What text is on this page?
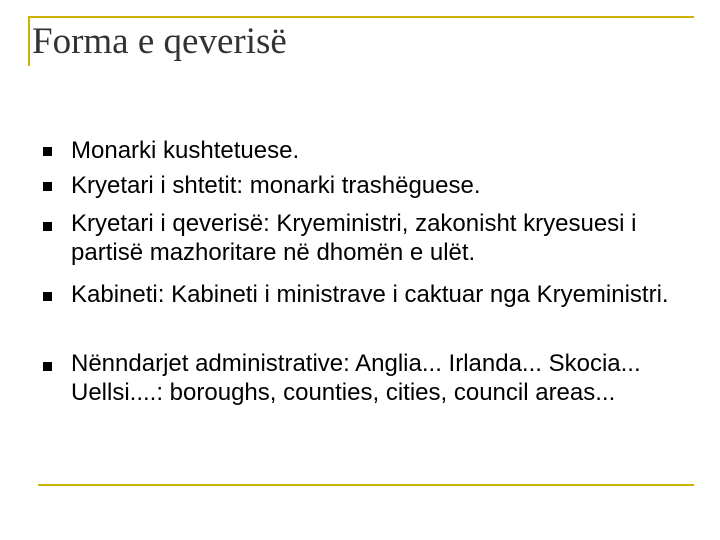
Forma e qeverisë
Monarki kushtetuese.
Kryetari i shtetit: monarki trashëguese.
Kryetari i qeverisë: Kryeministri, zakonisht kryesuesi i partisë mazhoritare në dhomën e ulët.
Kabineti: Kabineti i ministrave i caktuar nga Kryeministri.
Nënndarjet administrative: Anglia... Irlanda... Skocia... Uellsi....: boroughs, counties, cities, council areas...
